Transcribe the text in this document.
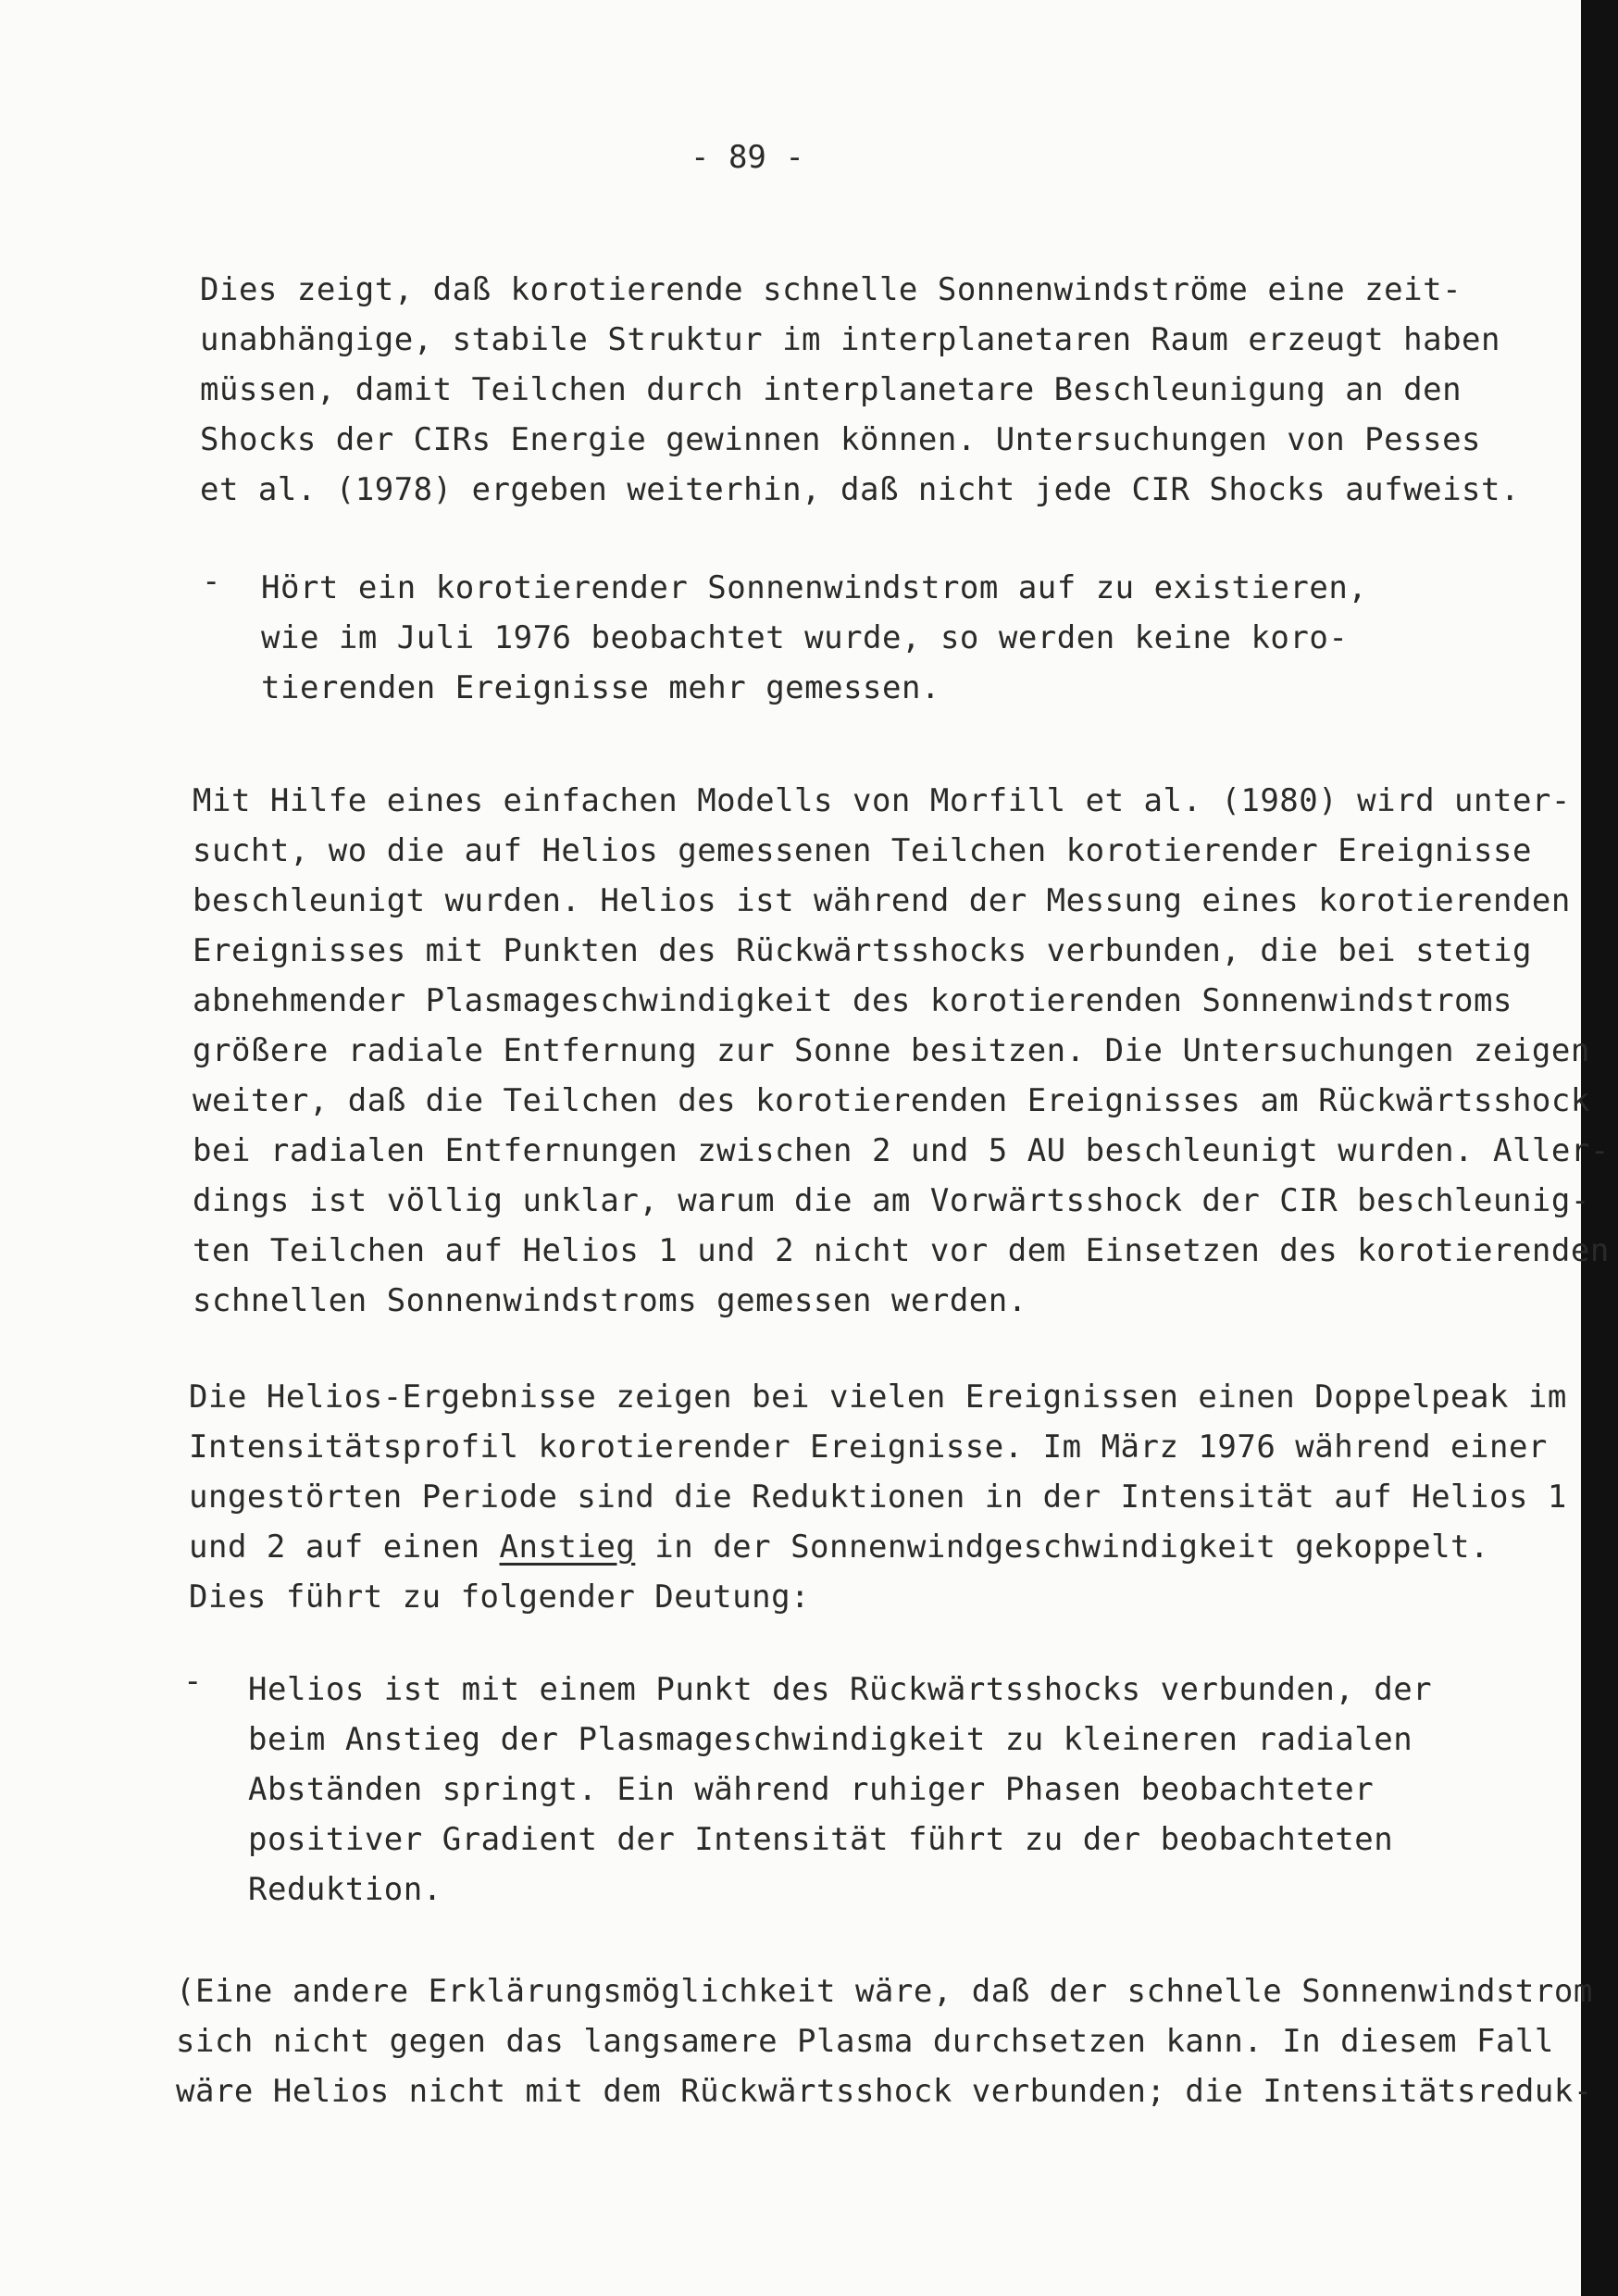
- 89 -
Dies zeigt, daß korotierende schnelle Sonnenwindströme eine zeit-
unabhängige, stabile Struktur im interplanetaren Raum erzeugt haben
müssen, damit Teilchen durch interplanetare Beschleunigung an den
Shocks der CIRs Energie gewinnen können. Untersuchungen von Pesses
et al. (1978) ergeben weiterhin, daß nicht jede CIR Shocks aufweist.
- Hört ein korotierender Sonnenwindstrom auf zu existieren,
wie im Juli 1976 beobachtet wurde, so werden keine koro-
tierenden Ereignisse mehr gemessen.
Mit Hilfe eines einfachen Modells von Morfill et al. (1980) wird unter-
sucht, wo die auf Helios gemessenen Teilchen korotierender Ereignisse
beschleunigt wurden. Helios ist während der Messung eines korotierenden
Ereignisses mit Punkten des Rückwärtsshocks verbunden, die bei stetig
abnehmender Plasmageschwindigkeit des korotierenden Sonnenwindstroms
größere radiale Entfernung zur Sonne besitzen. Die Untersuchungen zeigen
weiter, daß die Teilchen des korotierenden Ereignisses am Rückwärtsshock
bei radialen Entfernungen zwischen 2 und 5 AU beschleunigt wurden. Aller-
dings ist völlig unklar, warum die am Vorwärtsshock der CIR beschleunig-
ten Teilchen auf Helios 1 und 2 nicht vor dem Einsetzen des korotierenden
schnellen Sonnenwindstroms gemessen werden.
Die Helios-Ergebnisse zeigen bei vielen Ereignissen einen Doppelpeak im
Intensitätsprofil korotierender Ereignisse. Im März 1976 während einer
ungestörten Periode sind die Reduktionen in der Intensität auf Helios 1
und 2 auf einen Anstieg in der Sonnenwindgeschwindigkeit gekoppelt.
Dies führt zu folgender Deutung:
- Helios ist mit einem Punkt des Rückwärtsshocks verbunden, der
beim Anstieg der Plasmageschwindigkeit zu kleineren radialen
Abständen springt. Ein während ruhiger Phasen beobachteter
positiver Gradient der Intensität führt zu der beobachteten
Reduktion.
(Eine andere Erklärungsmöglichkeit wäre, daß der schnelle Sonnenwindstrom
sich nicht gegen das langsamere Plasma durchsetzen kann. In diesem Fall
wäre Helios nicht mit dem Rückwärtsshock verbunden; die Intensitätsreduk-
